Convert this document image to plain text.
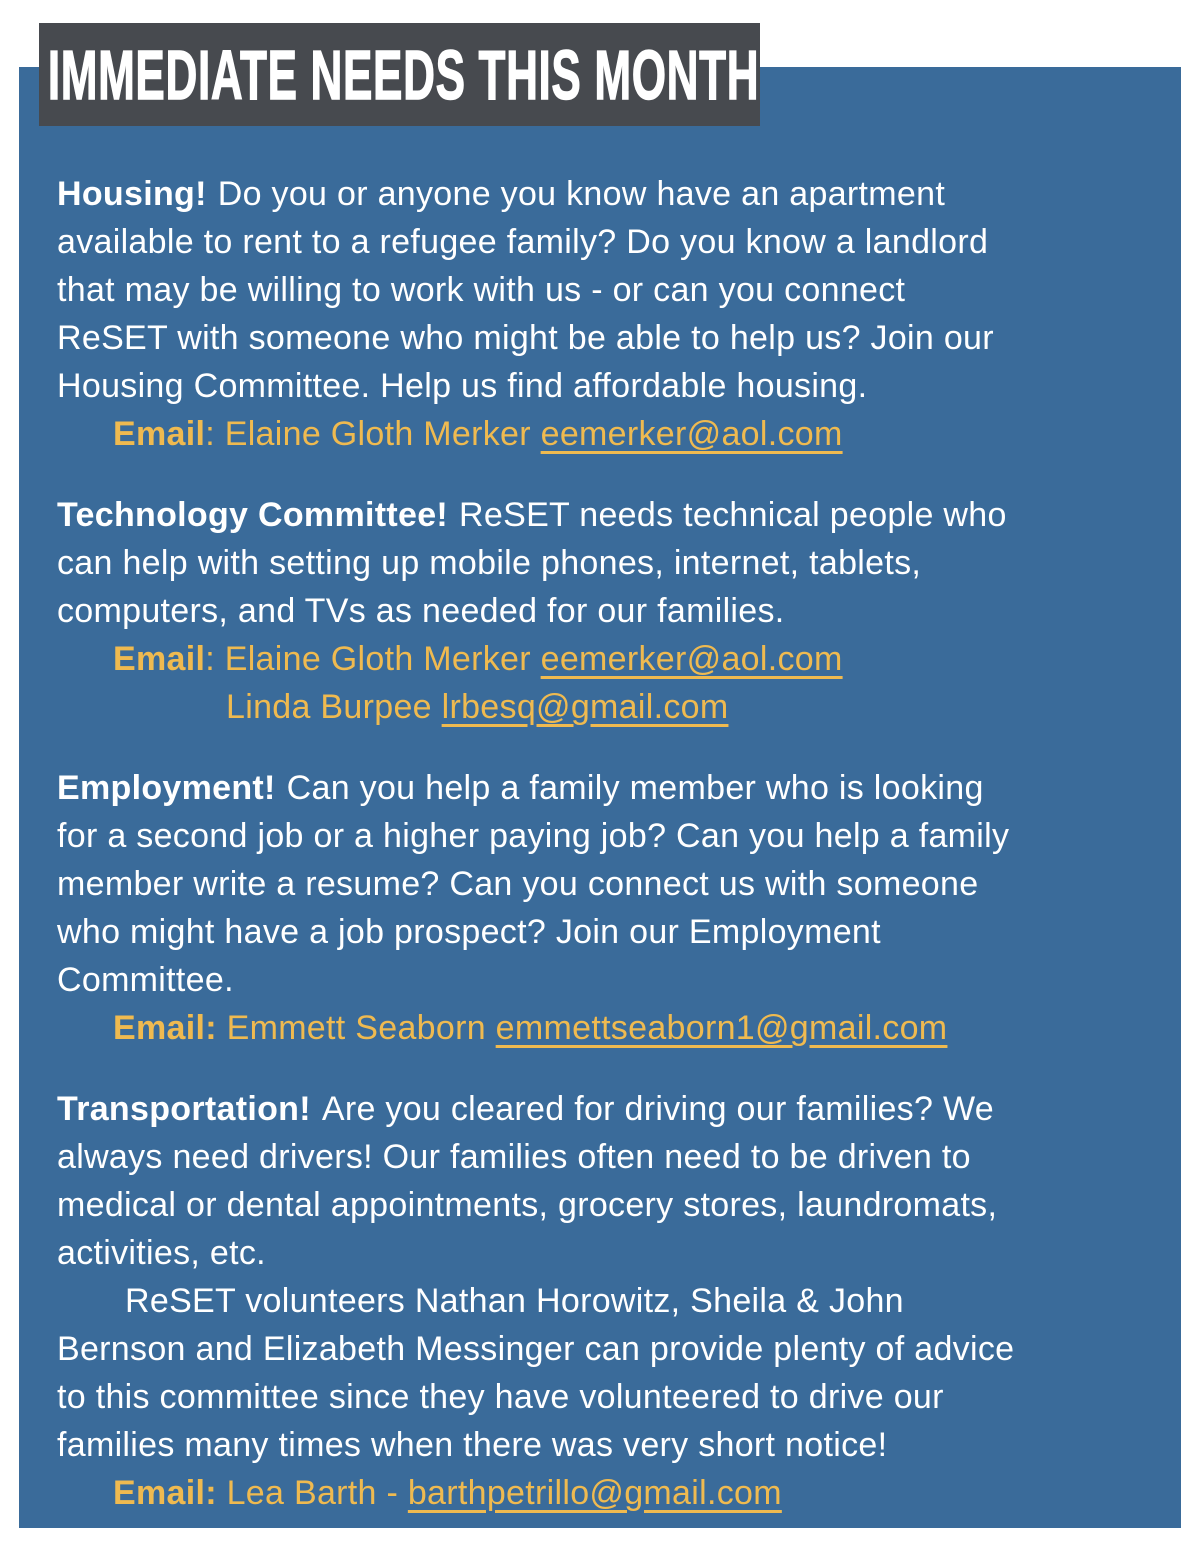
Housing! Do you or anyone you know have an apartment
available to rent to a refugee family? Do you know a landlord
that may be willing to work with us - or can you connect
ReSET with someone who might be able to help us? Join our
Housing Committee. Help us find affordable housing.
Email: Elaine Gloth Merker eemerker@aol.com
Technology Committee! ReSET needs technical people who
can help with setting up mobile phones, internet, tablets,
computers, and TVs as needed for our families.
Email: Elaine Gloth Merker eemerker@aol.com
Linda Burpee lrbesq@gmail.com
Employment! Can you help a family member who is looking
for a second job or a higher paying job? Can you help a family
member write a resume? Can you connect us with someone
who might have a job prospect? Join our Employment
Committee.
Email: Emmett Seaborn emmettseaborn1@gmail.com
Transportation! Are you cleared for driving our families? We
always need drivers! Our families often need to be driven to
medical or dental appointments, grocery stores, laundromats,
activities, etc.
ReSET volunteers Nathan Horowitz, Sheila & John
Bernson and Elizabeth Messinger can provide plenty of advice
to this committee since they have volunteered to drive our
families many times when there was very short notice!
Email: Lea Barth - barthpetrillo@gmail.com
IMMEDIATE NEEDS THIS MONTH
